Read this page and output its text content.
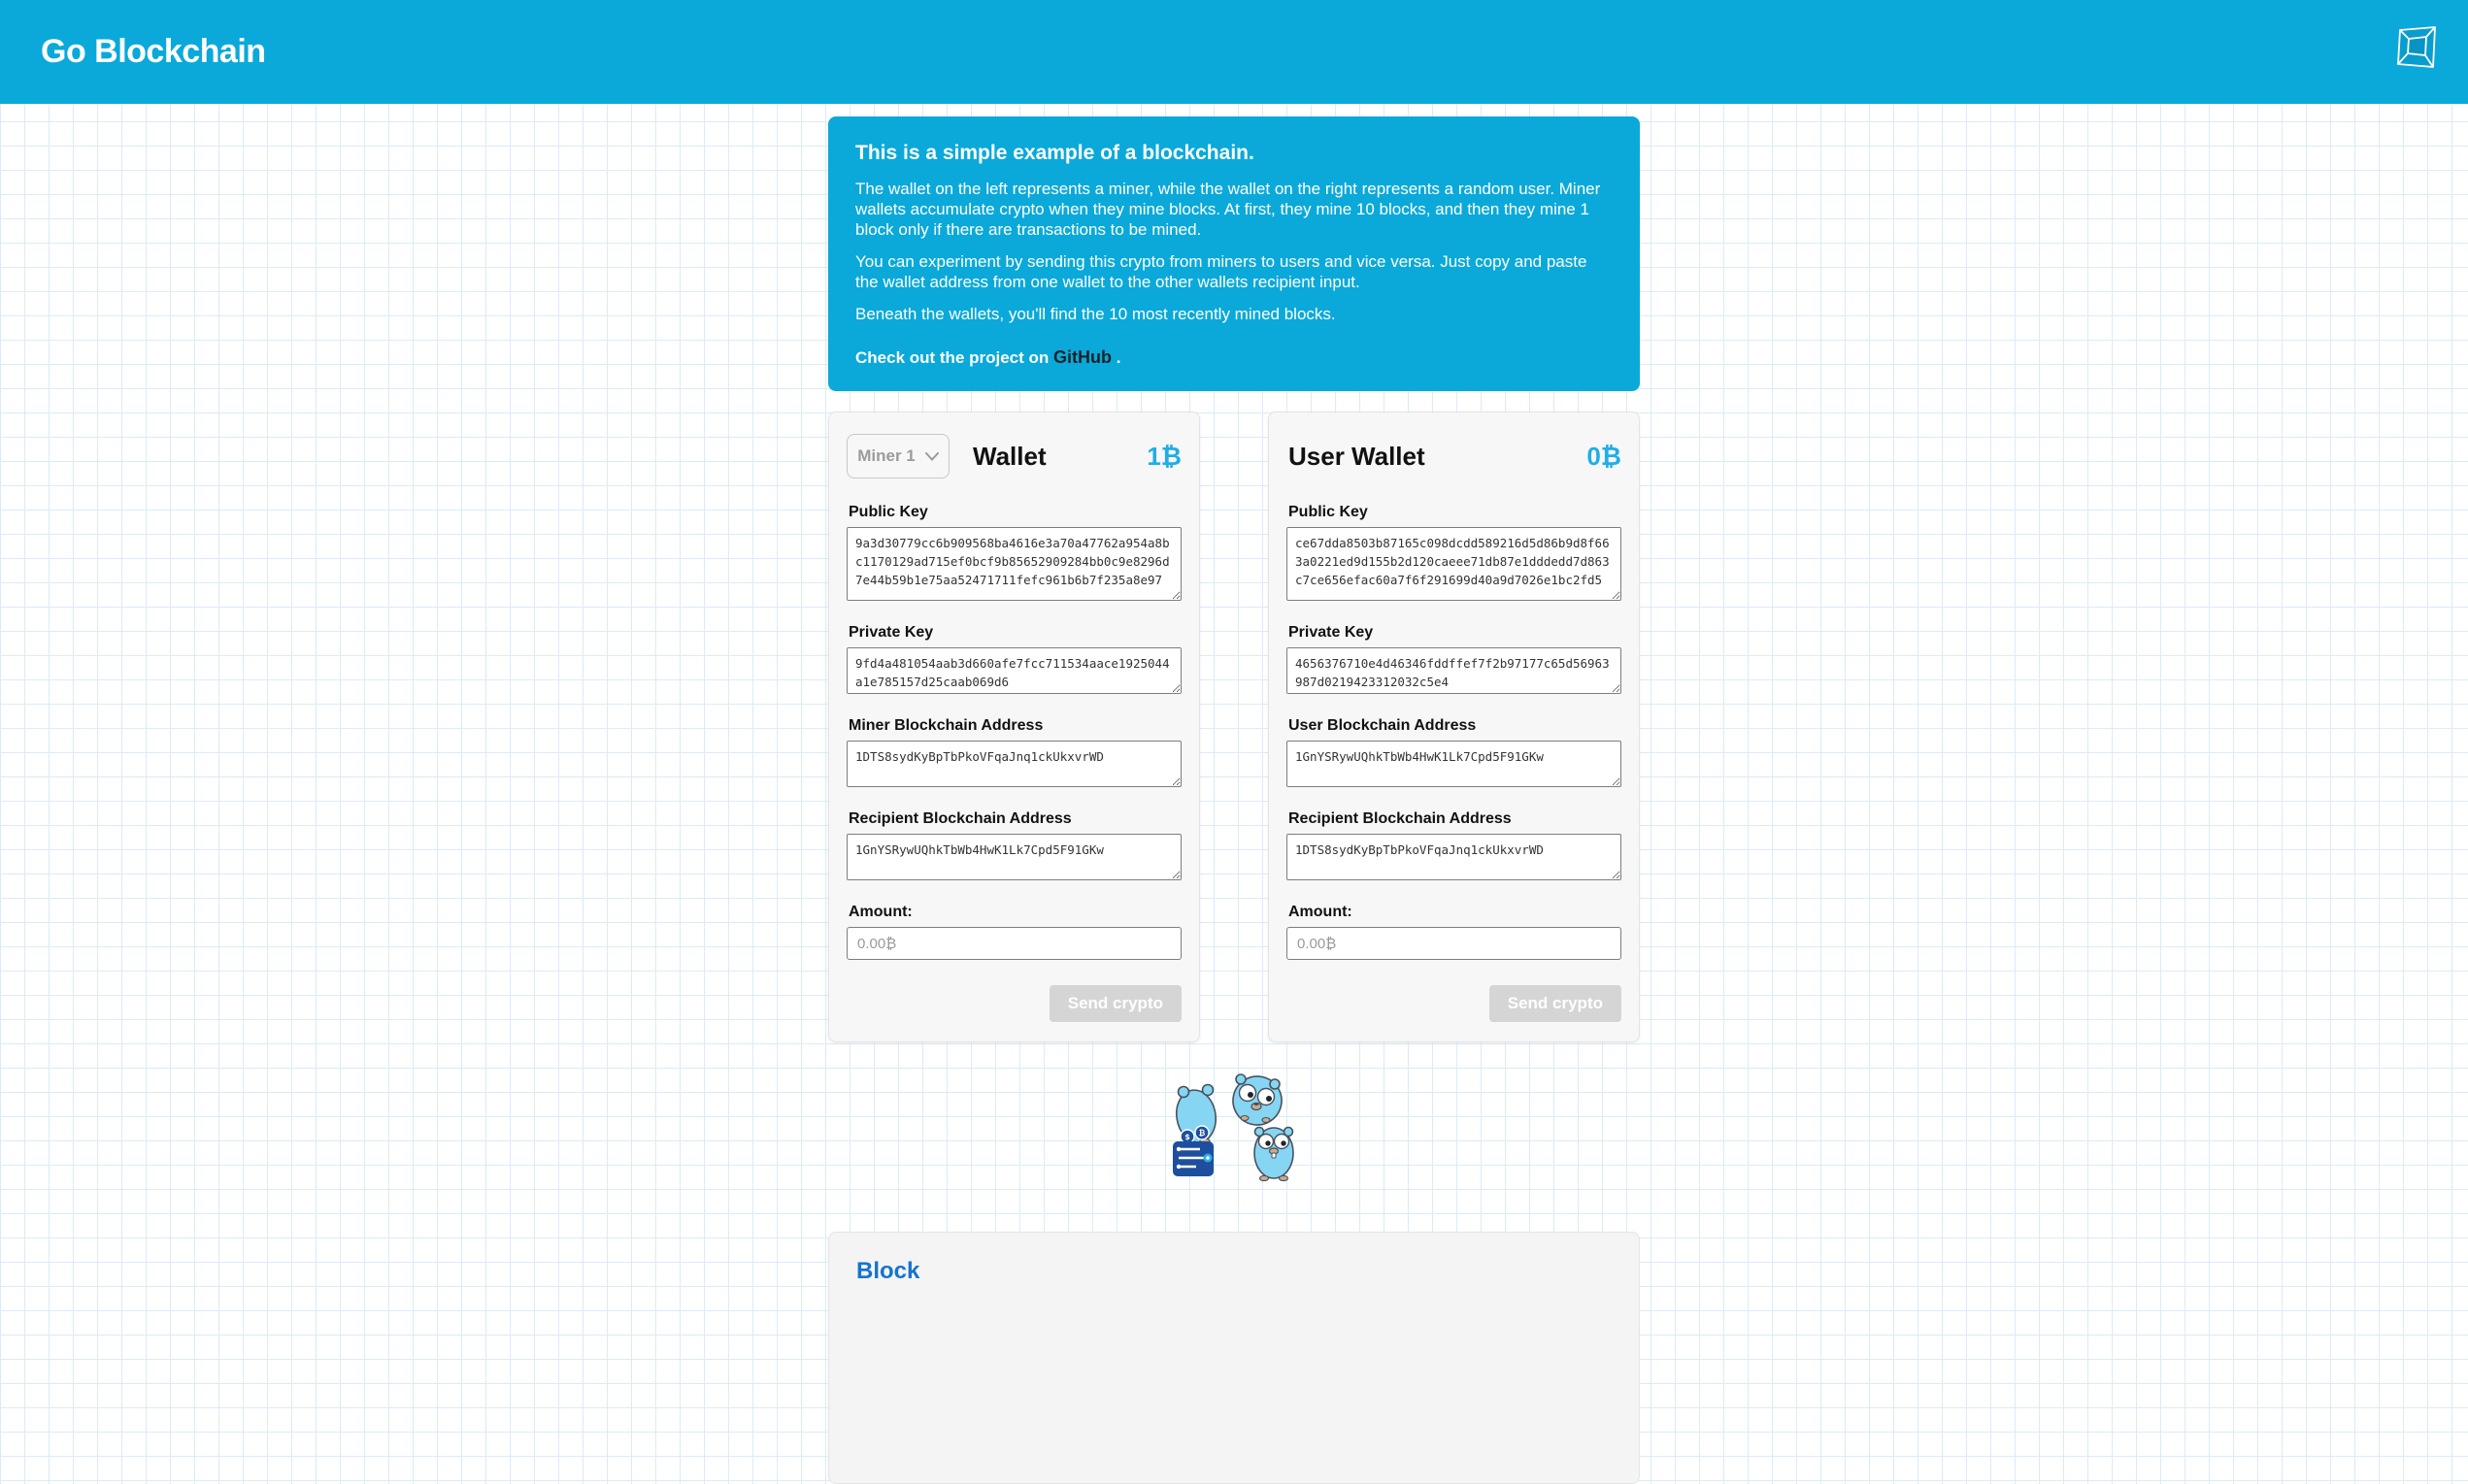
Go Blockchain
This is a simple example of a blockchain.

The wallet on the left represents a miner, while the wallet on the right represents a random user. Miner wallets accumulate crypto when they mine blocks. At first, they mine 10 blocks, and then they mine 1 block only if there are transactions to be mined.

You can experiment by sending this crypto from miners to users and vice versa. Just copy and paste the wallet address from one wallet to the other wallets recipient input.

Beneath the wallets, you'll find the 10 most recently mined blocks.

Check out the project on GitHub .

Miner 1 Wallet	1₿
Public Key
9a3d30779cc6b909568ba4616e3a70a47762a954a8bc1170129ad715ef0bcf9b85652909284bb0c9e8296d7e44b59b1e75aa52471711fefc961b6b7f235a8e97
Private Key
9fd4a481054aab3d660afe7fcc711534aace1925044a1e785157d25caab069d6
Miner Blockchain Address
1DTS8sydKyBpTbPkoVFqaJnq1ckUkxvrWD
Recipient Blockchain Address
1GnYSRywUQhkTbWb4HwK1Lk7Cpd5F91GKw
Amount:
0.00₿
Send crypto
User Wallet	0₿
Public Key
ce67dda8503b87165c098dcdd589216d5d86b9d8f663a0221ed9d155b2d120caeee71db87e1dddedd7d863c7ce656efac60a7f6f291699d40a9d7026e1bc2fd5
Private Key
4656376710e4d46346fddffef7f2b97177c65d56963987d0219423312032c5e4
User Blockchain Address
1GnYSRywUQhkTbWb4HwK1Lk7Cpd5F91GKw
Recipient Blockchain Address
1DTS8sydKyBpTbPkoVFqaJnq1ckUkxvrWD
Amount:
0.00₿
Send crypto
$ ₿
Block
